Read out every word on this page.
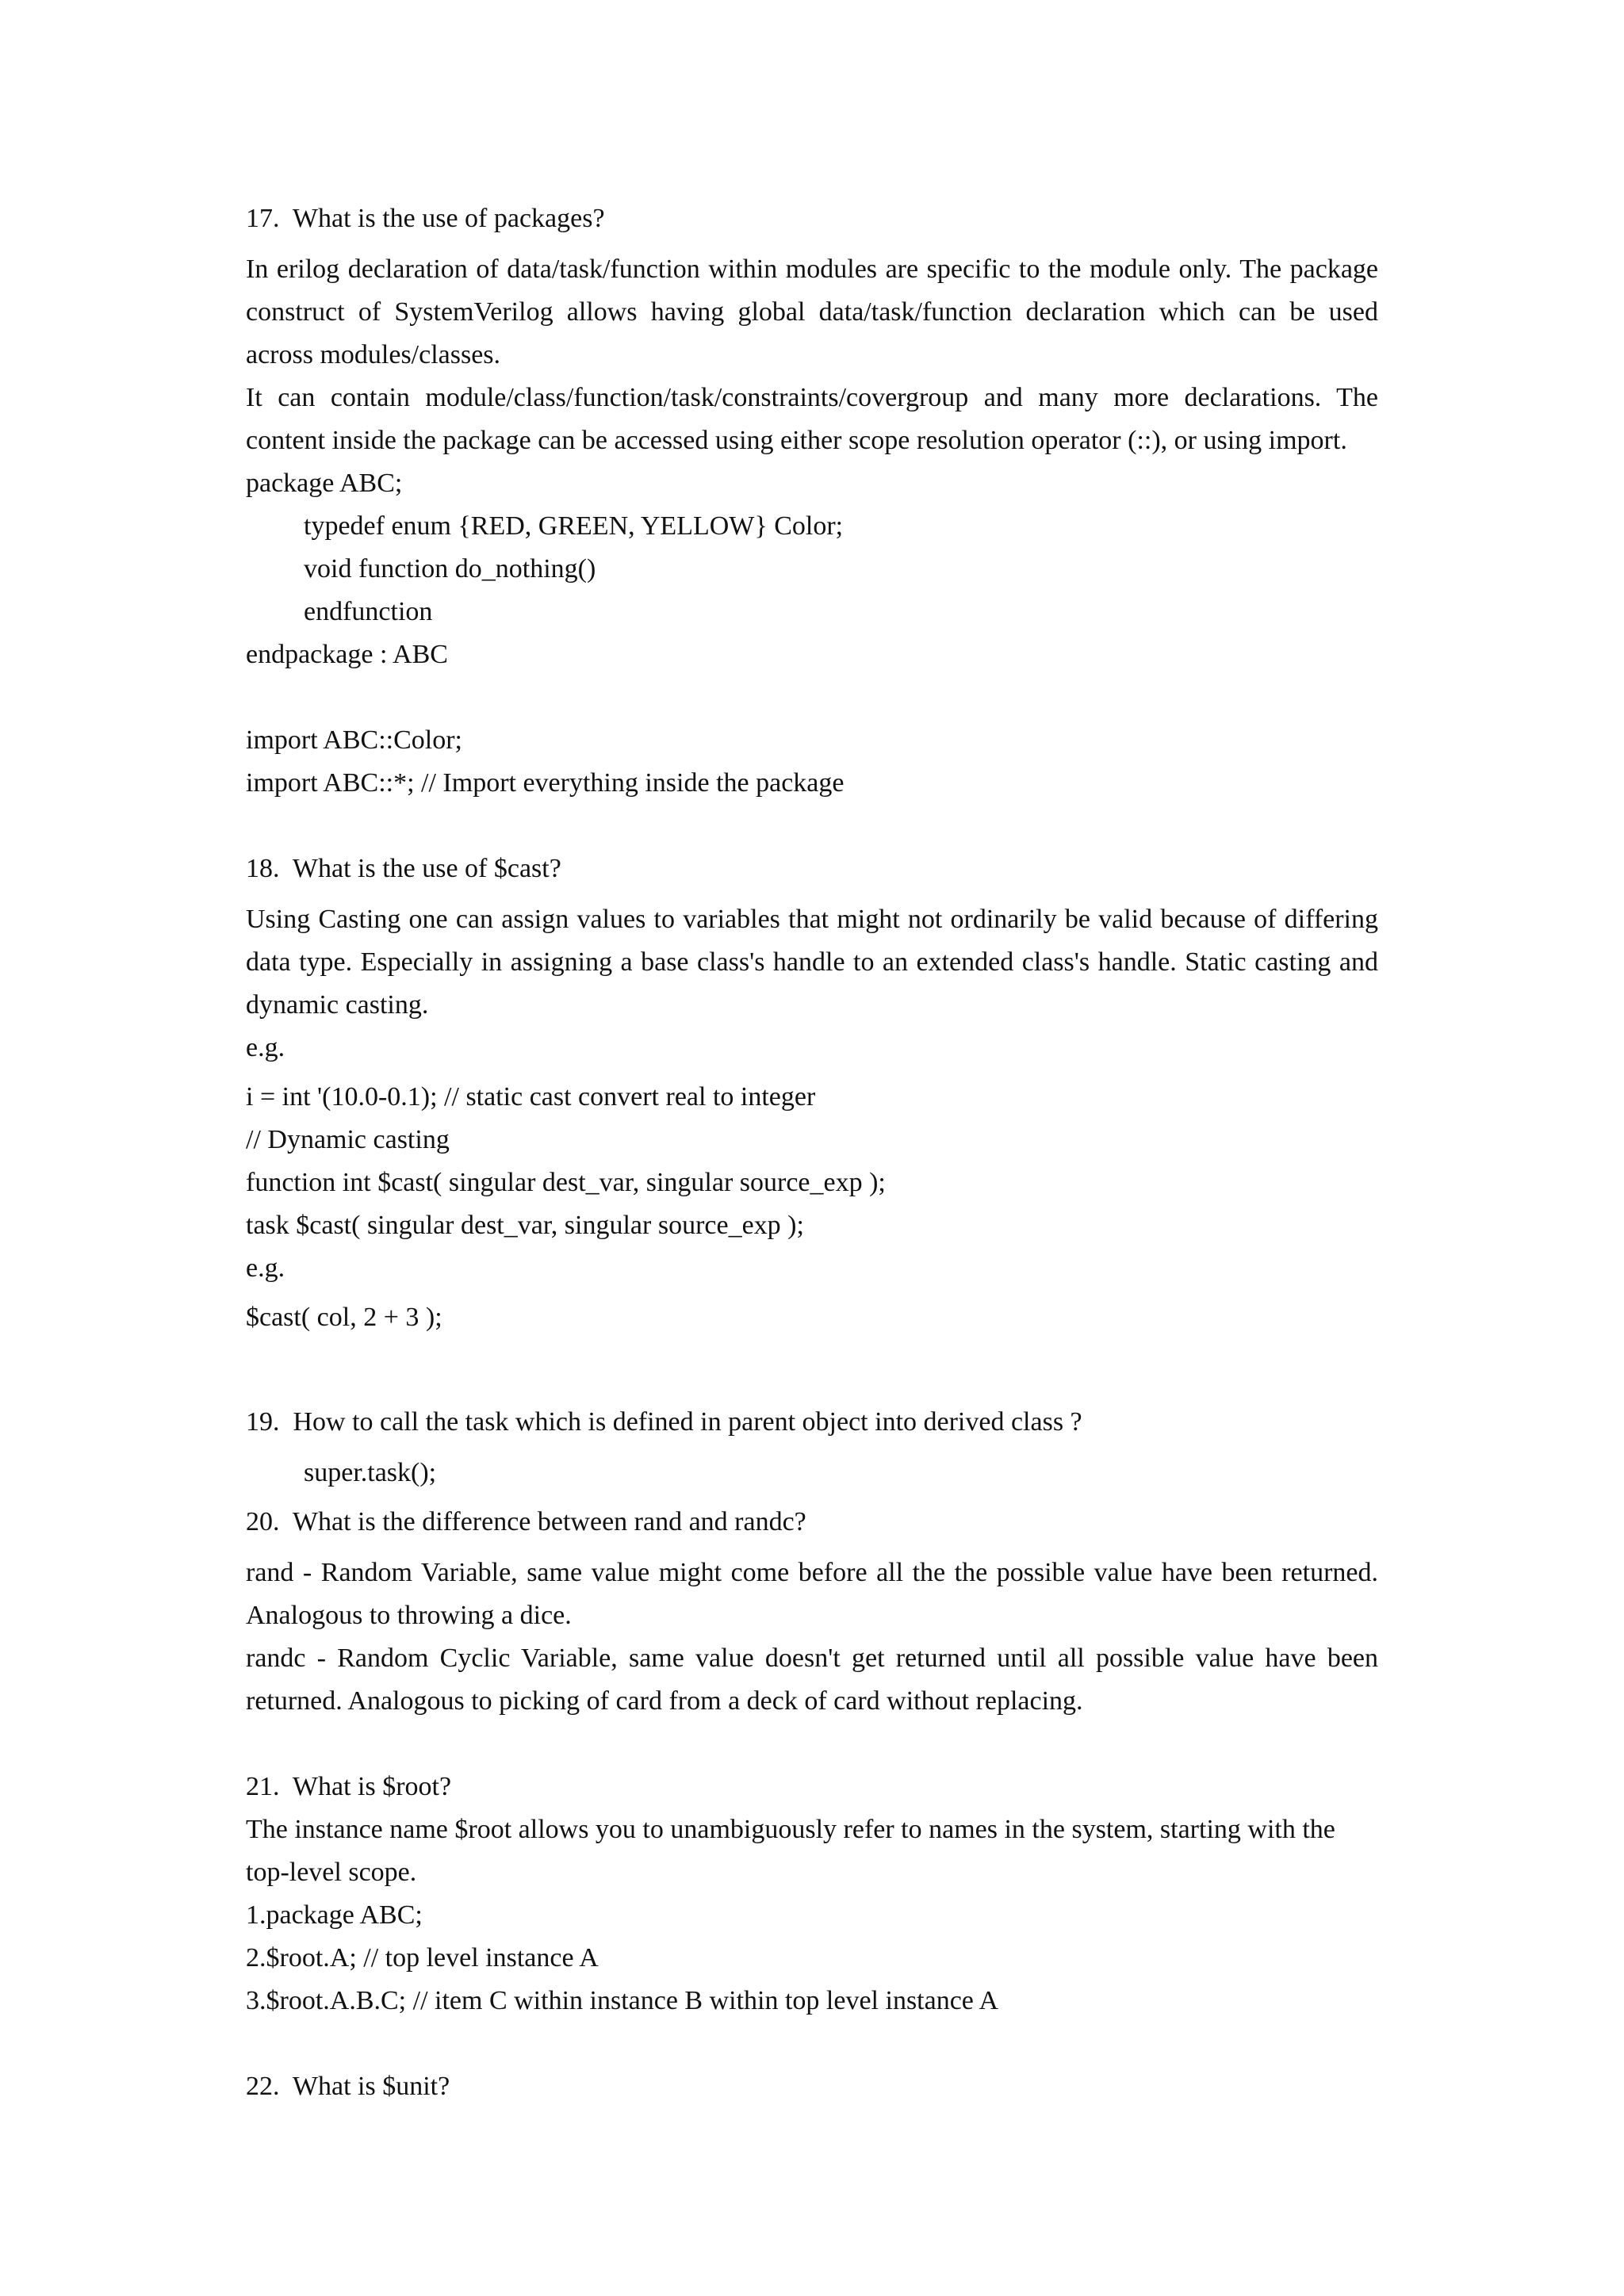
17.  What is the use of packages?

In erilog declaration of data/task/function within modules are specific to the module only. The package

construct of SystemVerilog allows having global data/task/function declaration which can be used

across modules/classes.

It can contain module/class/function/task/constraints/covergroup and many more declarations. The

content inside the package can be accessed using either scope resolution operator (::), or using import.

package ABC;

typedef enum {RED, GREEN, YELLOW} Color;

void function do_nothing()

endfunction

endpackage : ABC

import ABC::Color;

import ABC::*; // Import everything inside the package

18.  What is the use of $cast?

Using Casting one can assign values to variables that might not ordinarily be valid because of differing

data type. Especially in assigning a base class's handle to an extended class's handle. Static casting and

dynamic casting.

e.g.

i = int '(10.0-0.1); // static cast convert real to integer

// Dynamic casting

function int $cast( singular dest_var, singular source_exp );

task $cast( singular dest_var, singular source_exp );

e.g.

$cast( col, 2 + 3 );

19.  How to call the task which is defined in parent object into derived class ?

super.task();

20.  What is the difference between rand and randc?

rand - Random Variable, same value might come before all the the possible value have been returned.

Analogous to throwing a dice.

randc - Random Cyclic Variable, same value doesn't get returned until all possible value have been

returned. Analogous to picking of card from a deck of card without replacing.

21.  What is $root?

The instance name $root allows you to unambiguously refer to names in the system, starting with the

top-level scope.

1.package ABC;

2.$root.A; // top level instance A

3.$root.A.B.C; // item C within instance B within top level instance A

22.  What is $unit?
